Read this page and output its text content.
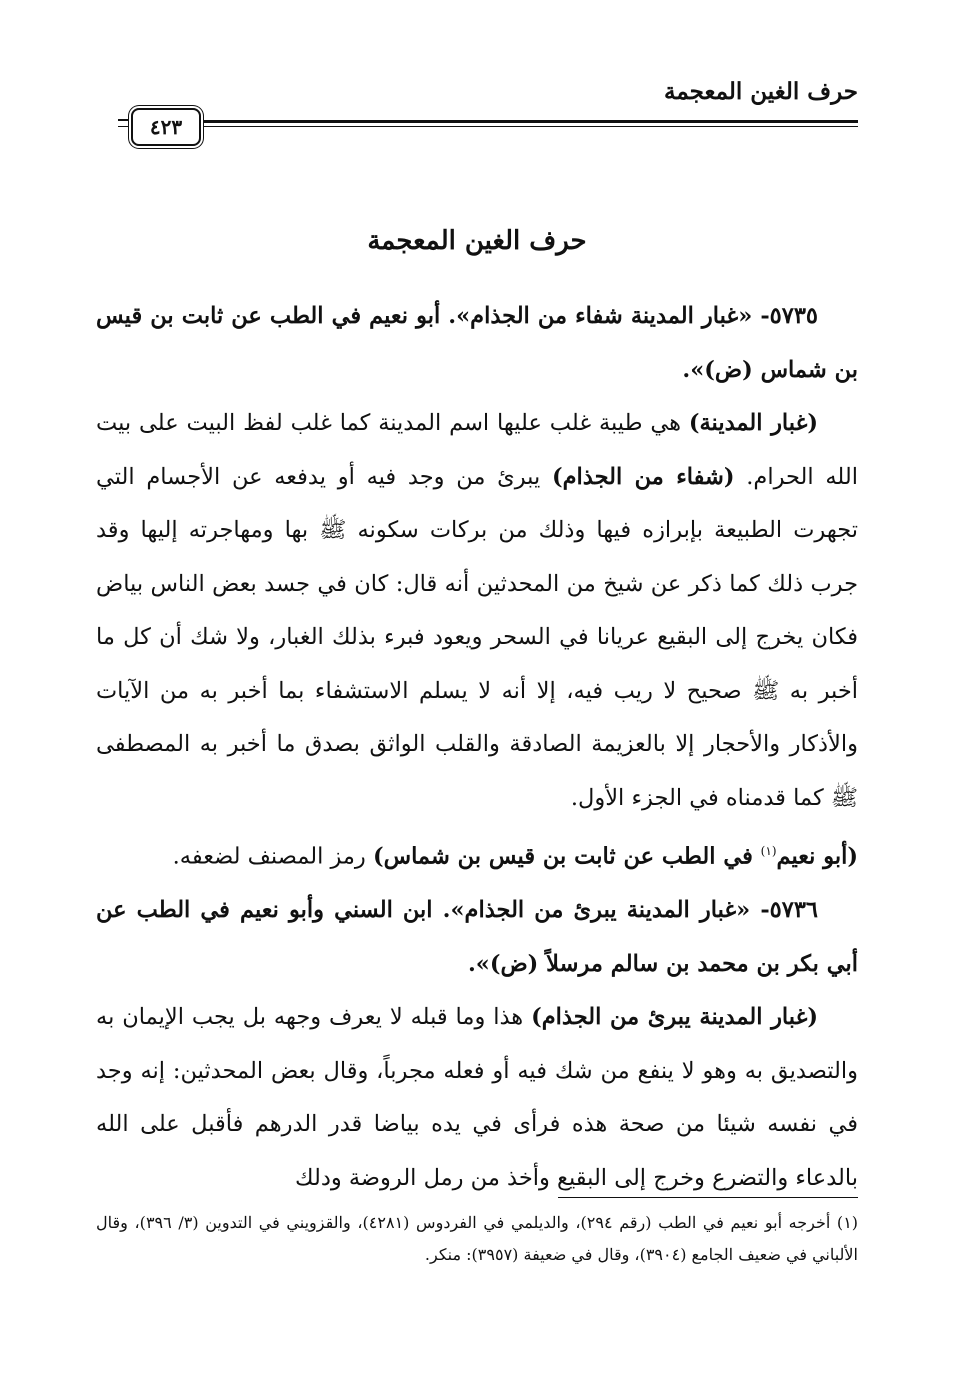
حرف الغين المعجمة
٤٢٣
حرف الغين المعجمة

٥٧٣٥- «غبار المدينة شفاء من الجذام». أبو نعيم في الطب عن ثابت بن قيس بن شماس (ض)».

(غبار المدينة) هي طيبة غلب عليها اسم المدينة كما غلب لفظ البيت على بيت الله الحرام. (شفاء من الجذام) يبرئ من وجد فيه أو يدفعه عن الأجسام التي تجهرت الطبيعة بإبرازه فيها وذلك من بركات سكونه ﷺ بها ومهاجرته إليها وقد جرب ذلك كما ذكر عن شيخ من المحدثين أنه قال: كان في جسد بعض الناس بياض فكان يخرج إلى البقيع عريانا في السحر ويعود فبرء بذلك الغبار، ولا شك أن كل ما أخبر به ﷺ صحيح لا ريب فيه، إلا أنه لا يسلم الاستشفاء بما أخبر به من الآيات والأذكار والأحجار إلا بالعزيمة الصادقة والقلب الواثق بصدق ما أخبر به المصطفى ﷺ كما قدمناه في الجزء الأول.

(أبو نعيم$^{(١)}$ في الطب عن ثابت بن قيس بن شماس) رمز المصنف لضعفه.

٥٧٣٦- «غبار المدينة يبرئ من الجذام». ابن السني وأبو نعيم في الطب عن أبي بكر بن محمد بن سالم مرسلاً (ض)».

(غبار المدينة يبرئ من الجذام) هذا وما قبله لا يعرف وجهه بل يجب الإيمان به والتصديق به وهو لا ينفع من شك فيه أو فعله مجرباً، وقال بعض المحدثين: إنه وجد في نفسه شيئا من صحة هذه فرأى في يده بياضا قدر الدرهم فأقبل على الله بالدعاء والتضرع وخرج إلى البقيع وأخذ من رمل الروضة ودلك

(١) أخرجه أبو نعيم في الطب (رقم ٢٩٤)، والديلمي في الفردوس (٤٢٨١)، والقزويني في التدوين (٣/ ٣٩٦)، وقال الألباني في ضعيف الجامع (٣٩٠٤)، وقال في ضعيفة (٣٩٥٧): منكر.
